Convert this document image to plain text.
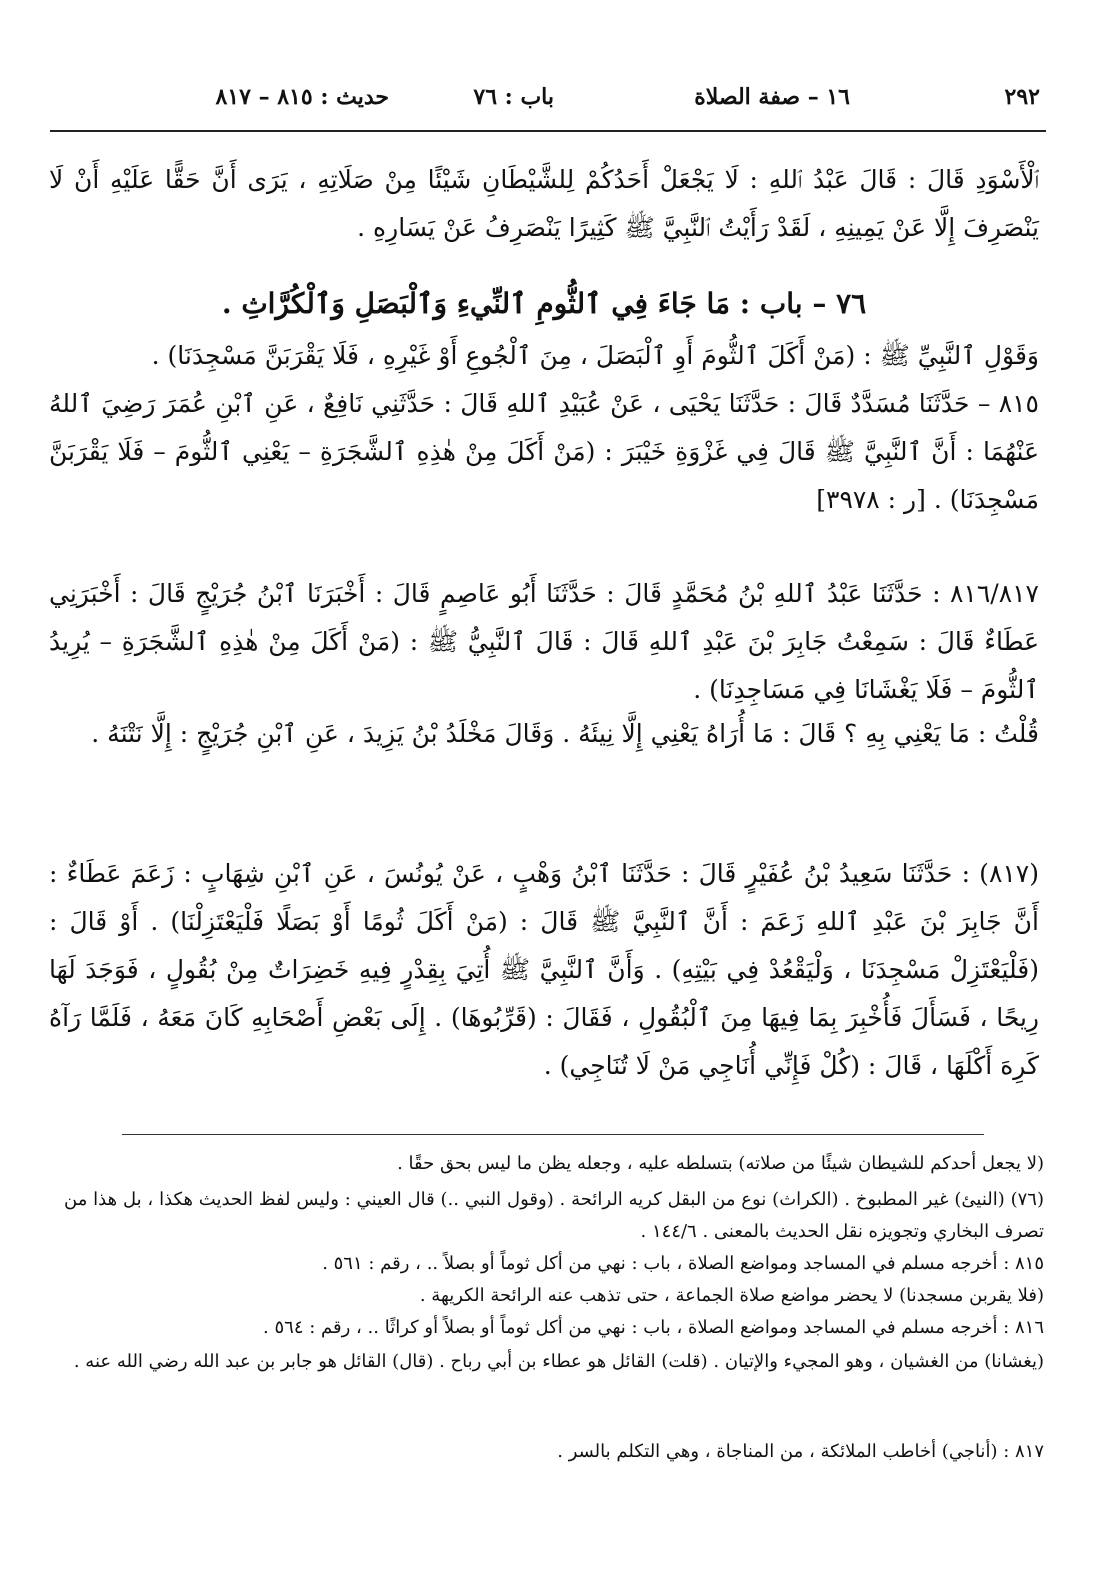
٢٩٢
١٦ – صفة الصلاة
باب : ٧٦
حديث : ٨١٥ – ٨١٧
ٱلْأَسْوَدِ قَالَ : قَالَ عَبْدُ ٱللهِ : لَا يَجْعَلْ أَحَدُكُمْ لِلشَّيْطَانِ شَيْئًا مِنْ صَلَاتِهِ ، يَرَى أَنَّ حَقًّا عَلَيْهِ أَنْ لَا يَنْصَرِفَ إِلَّا عَنْ يَمِينِهِ ، لَقَدْ رَأَيْتُ ٱلنَّبِيَّ ﷺ كَثِيرًا يَنْصَرِفُ عَنْ يَسَارِهِ .
٧٦ – باب : مَا جَاءَ فِي ٱلثُّومِ ٱلنِّيءِ وَٱلْبَصَلِ وَٱلْكُرَّاثِ .
وَقَوْلِ ٱلنَّبِيِّ ﷺ : (مَنْ أَكَلَ ٱلثُّومَ أَوِ ٱلْبَصَلَ ، مِنَ ٱلْجُوعِ أَوْ غَيْرِهِ ، فَلَا يَقْرَبَنَّ مَسْجِدَنَا) .
٨١٥ – حَدَّثَنَا مُسَدَّدٌ قَالَ : حَدَّثَنَا يَحْيَى ، عَنْ عُبَيْدِ ٱللهِ قَالَ : حَدَّثَنِي نَافِعٌ ، عَنِ ٱبْنِ عُمَرَ رَضِيَ ٱللهُ عَنْهُمَا : أَنَّ ٱلنَّبِيَّ ﷺ قَالَ فِي غَزْوَةِ خَيْبَرَ : (مَنْ أَكَلَ مِنْ هٰذِهِ ٱلشَّجَرَةِ – يَعْنِي ٱلثُّومَ – فَلَا يَقْرَبَنَّ مَسْجِدَنَا) . [ر : ٣٩٧٨]
٨١٦/٨١٧ : حَدَّثَنَا عَبْدُ ٱللهِ بْنُ مُحَمَّدٍ قَالَ : حَدَّثَنَا أَبُو عَاصِمٍ قَالَ : أَخْبَرَنَا ٱبْنُ جُرَيْجٍ قَالَ : أَخْبَرَنِي عَطَاءٌ قَالَ : سَمِعْتُ جَابِرَ بْنَ عَبْدِ ٱللهِ قَالَ : قَالَ ٱلنَّبِيُّ ﷺ : (مَنْ أَكَلَ مِنْ هٰذِهِ ٱلشَّجَرَةِ – يُرِيدُ ٱلثُّومَ – فَلَا يَغْشَانَا فِي مَسَاجِدِنَا) .
قُلْتُ : مَا يَعْنِي بِهِ ؟ قَالَ : مَا أُرَاهُ يَعْنِي إِلَّا نِيئَهُ . وَقَالَ مَخْلَدُ بْنُ يَزِيدَ ، عَنِ ٱبْنِ جُرَيْجٍ : إِلَّا نَتْنَهُ .
(٨١٧) : حَدَّثَنَا سَعِيدُ بْنُ عُفَيْرٍ قَالَ : حَدَّثَنَا ٱبْنُ وَهْبٍ ، عَنْ يُونُسَ ، عَنِ ٱبْنِ شِهَابٍ : زَعَمَ عَطَاءٌ : أَنَّ جَابِرَ بْنَ عَبْدِ ٱللهِ زَعَمَ : أَنَّ ٱلنَّبِيَّ ﷺ قَالَ : (مَنْ أَكَلَ ثُومًا أَوْ بَصَلًا فَلْيَعْتَزِلْنَا) . أَوْ قَالَ : (فَلْيَعْتَزِلْ مَسْجِدَنَا ، وَلْيَقْعُدْ فِي بَيْتِهِ) . وَأَنَّ ٱلنَّبِيَّ ﷺ أُتِيَ بِقِدْرٍ فِيهِ خَضِرَاتٌ مِنْ بُقُولٍ ، فَوَجَدَ لَهَا رِيحًا ، فَسَأَلَ فَأُخْبِرَ بِمَا فِيهَا مِنَ ٱلْبُقُولِ ، فَقَالَ : (قَرِّبُوهَا) . إِلَى بَعْضِ أَصْحَابِهِ كَانَ مَعَهُ ، فَلَمَّا رَآهُ كَرِهَ أَكْلَهَا ، قَالَ : (كُلْ فَإِنِّي أُنَاجِي مَنْ لَا تُنَاجِي) .
(لا يجعل أحدكم للشيطان شيئًا من صلاته) بتسلطه عليه ، وجعله يظن ما ليس بحق حقًا .
(٧٦) (النيئ) غير المطبوخ . (الكراث) نوع من البقل كريه الرائحة . (وقول النبي ..) قال العيني : وليس لفظ الحديث هكذا ، بل هذا من تصرف البخاري وتجويزه نقل الحديث بالمعنى . ١٤٤/٦ .
٨١٥ : أخرجه مسلم في المساجد ومواضع الصلاة ، باب : نهي من أكل ثوماً أو بصلاً .. ، رقم : ٥٦١ .
(فلا يقربن مسجدنا) لا يحضر مواضع صلاة الجماعة ، حتى تذهب عنه الرائحة الكريهة .
٨١٦ : أخرجه مسلم في المساجد ومواضع الصلاة ، باب : نهي من أكل ثوماً أو بصلاً أو كراثًا .. ، رقم : ٥٦٤ .
(يغشانا) من الغشيان ، وهو المجيء والإتيان . (قلت) القائل هو عطاء بن أبي رباح . (قال) القائل هو جابر بن عبد الله رضي الله عنه .
٨١٧ : (أناجي) أخاطب الملائكة ، من المناجاة ، وهي التكلم بالسر .
